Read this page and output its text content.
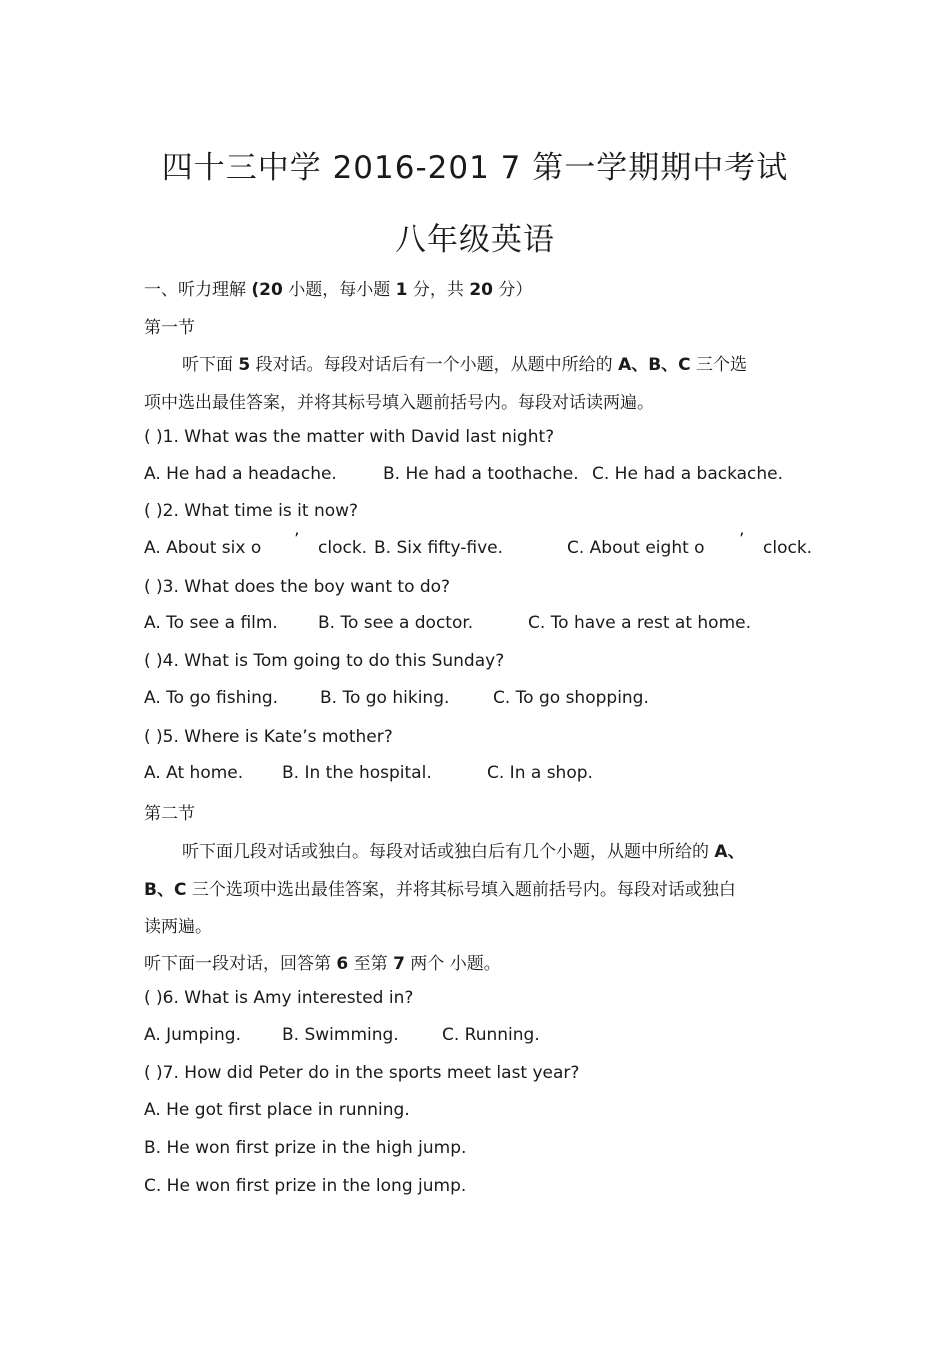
四十三中学 2016-201 7 第一学期期中考试
八年级英语
一、听力理解 (20 小题，每小题 1 分，共 20 分）
第一节
听下面 5 段对话。每段对话后有一个小题，从题中所给的 A、B、C 三个选
项中选出最佳答案，并将其标号填入题前括号内。每段对话读两遍。
( )1. What was the matter with David last night?
A. He had a headache.	B. He had a toothache. C. He had a backache.
( )2. What time is it now?
A. About six o ’ clock. B. Six fifty-five.	C. About eight o ’ clock.
( )3. What does the boy want to do?
A. To see a film. B. To see a doctor.	C. To have a rest at home.
( )4. What is Tom going to do this Sunday?
A. To go fishing. B. To go hiking.	C. To go shopping.
( )5. Where is Kate’s mother?
A. At home. B. In the hospital.	C. In a shop.
第二节
听下面几段对话或独白。每段对话或独白后有几个小题，从题中所给的 A、
B、C 三个选项中选出最佳答案，并将其标号填入题前括号内。每段对话或独白
读两遍。
听下面一段对话，回答第 6 至第 7 两个 小题。
( )6. What is Amy interested in?
A. Jumping. B. Swimming.	C. Running.
( )7. How did Peter do in the sports meet last year?
A. He got first place in running.
B. He won first prize in the high jump.
C. He won first prize in the long jump.
